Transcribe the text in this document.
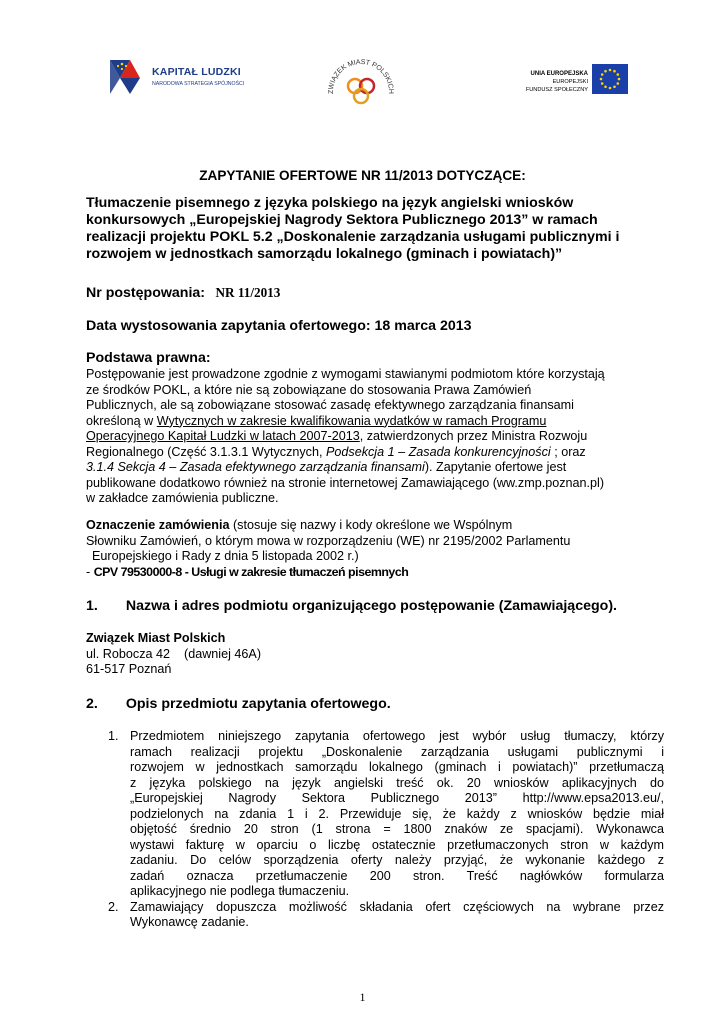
KAPITAŁ LUDZKI
NARODOWA STRATEGIA SPÓJNOŚCI
ZWIĄZEK MIAST POLSKICH
UNIA EUROPEJSKA
EUROPEJSKI
FUNDUSZ SPOŁECZNY
ZAPYTANIE OFERTOWE NR 11/2013 DOTYCZĄCE:
Tłumaczenie pisemnego z języka polskiego na język angielski wniosków
konkursowych „Europejskiej Nagrody Sektora Publicznego 2013” w ramach
realizacji projektu POKL 5.2 „Doskonalenie zarządzania usługami publicznymi i
rozwojem w jednostkach samorządu lokalnego (gminach i powiatach)”
Nr postępowania: NR 11/2013
Data wystosowania zapytania ofertowego: 18 marca 2013
Podstawa prawna:
Postępowanie jest prowadzone zgodnie z wymogami stawianymi podmiotom które korzystają
ze środków POKL, a które nie są zobowiązane do stosowania Prawa Zamówień
Publicznych, ale są zobowiązane stosować zasadę efektywnego zarządzania finansami
określoną w Wytycznych w zakresie kwalifikowania wydatków w ramach Programu
Operacyjnego Kapitał Ludzki w latach 2007-2013, zatwierdzonych przez Ministra Rozwoju
Regionalnego (Część 3.1.3.1 Wytycznych, Podsekcja 1 – Zasada konkurencyjności ; oraz
3.1.4 Sekcja 4 – Zasada efektywnego zarządzania finansami). Zapytanie ofertowe jest
publikowane dodatkowo również na stronie internetowej Zamawiającego (ww.zmp.poznan.pl)
w zakładce zamówienia publiczne.
Oznaczenie zamówienia (stosuje się nazwy i kody określone we Wspólnym
Słowniku Zamówień, o którym mowa w rozporządzeniu (WE) nr 2195/2002 Parlamentu
Europejskiego i Rady z dnia 5 listopada 2002 r.)
- CPV 79530000-8 - Usługi w zakresie tłumaczeń pisemnych
1. Nazwa i adres podmiotu organizującego postępowanie (Zamawiającego).
Związek Miast Polskich
ul. Robocza 42    (dawniej 46A)
61-517 Poznań
2. Opis przedmiotu zapytania ofertowego.
1. Przedmiotem niniejszego zapytania ofertowego jest wybór usług tłumaczy, którzy
ramach realizacji projektu „Doskonalenie zarządzania usługami publicznymi i
rozwojem w jednostkach samorządu lokalnego (gminach i powiatach)” przetłumaczą
z języka polskiego na język angielski treść ok. 20 wniosków aplikacyjnych do
„Europejskiej Nagrody Sektora Publicznego 2013” http://www.epsa2013.eu/,
podzielonych na zdania 1 i 2. Przewiduje się, że każdy z wniosków będzie miał
objętość średnio 20 stron (1 strona = 1800 znaków ze spacjami). Wykonawca
wystawi fakturę w oparciu o liczbę ostatecznie przetłumaczonych stron w każdym
zadaniu. Do celów sporządzenia oferty należy przyjąć, że wykonanie każdego z
zadań oznacza przetłumaczenie 200 stron. Treść nagłówków formularza
aplikacyjnego nie podlega tłumaczeniu.
2. Zamawiający dopuszcza możliwość składania ofert częściowych na wybrane przez
Wykonawcę zadanie.
1
